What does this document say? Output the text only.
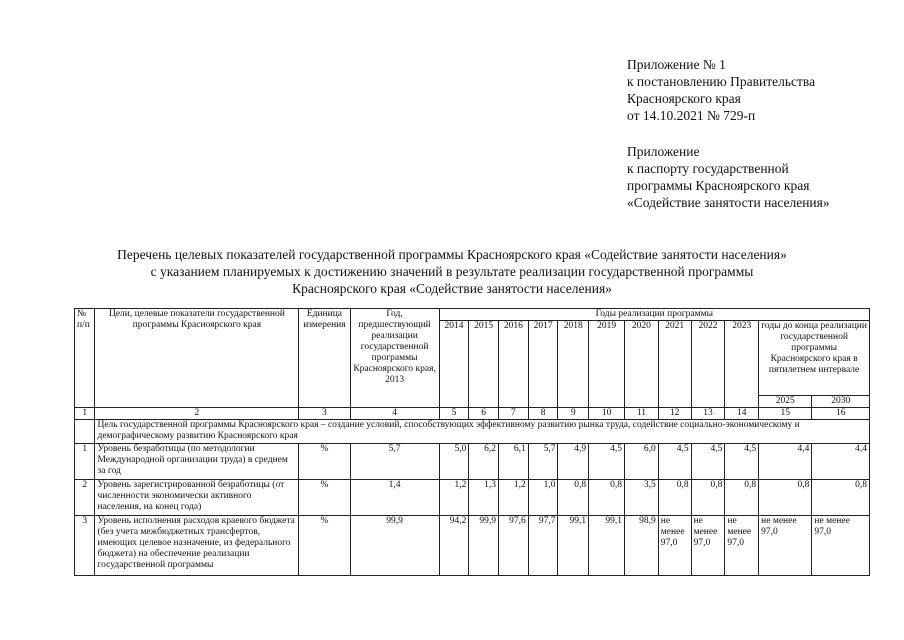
Приложение № 1
к постановлению Правительства
Красноярского края
от 14.10.2021 № 729-п
Приложение
к паспорту государственной
программы Красноярского края
«Содействие занятости населения»
Перечень целевых показателей государственной программы Красноярского края «Содействие занятости населения»
с указанием планируемых к достижению значений в результате реализации государственной программы
Красноярского края «Содействие занятости населения»
№ п/п	Цели, целевые показатели государственной программы Красноярского края	Единица измерения	Год, предшествующий реализации государственной программы Красноярского края, 2013	Годы реализации программы											
				2014	2015	2016	2017	2018	2019	2020	2021	2022	2023	годы до конца реализации государственной программы Красноярского края в пятилетнем интервале	
														2025	2030
1	2	3	4	5	6	7	8	9	10	11	12	13	14	15	16
	Цель государственной программы Красноярского края – создание условий, способствующих эффективному развитию рынка труда, содействие социально-экономическому и демографическому развитию Красноярского края														
1	Уровень безработицы (по методологии Международной организации труда) в среднем за год	%	5,7	5,0	6,2	6,1	5,7	4,9	4,5	6,0	4,5	4,5	4,5	4,4	4,4
2	Уровень зарегистрированной безработицы (от численности экономически активного населения, на конец года)	%	1,4	1,2	1,3	1,2	1,0	0,8	0,8	3,5	0,8	0,8	0,8	0,8	0,8
3	Уровень исполнения расходов краевого бюджета (без учета межбюджетных трансфертов, имеющих целевое назначение, из федерального бюджета) на обеспечение реализации государственной программы	%	99,9	94,2	99,9	97,6	97,7	99,1	99,1	98,9	не менее 97,0	не менее 97,0	не менее 97,0	не менее 97,0	не менее 97,0
